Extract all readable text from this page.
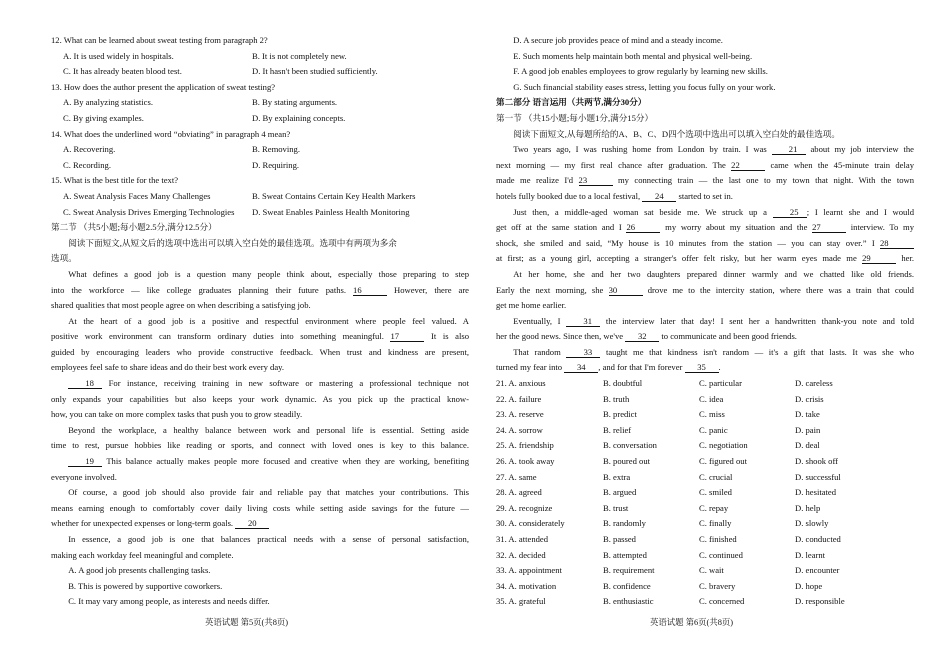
12. What can be learned about sweat testing from paragraph 2?
A. It is used widely in hospitals.	B. It is not completely new.
C. It has already beaten blood test.	D. It hasn't been studied sufficiently.
13. How does the author present the application of sweat testing?
A. By analyzing statistics.	B. By stating arguments.
C. By giving examples.	D. By explaining concepts.
14. What does the underlined word “obviating” in paragraph 4 mean?
A. Recovering.	B. Removing.
C. Recording.	D. Requiring.
15. What is the best title for the text?
A. Sweat Analysis Faces Many Challenges	B. Sweat Contains Certain Key Health Markers
C. Sweat Analysis Drives Emerging Technologies D. Sweat Enables Painless Health Monitoring
第二节 （共5小题;每小题2.5分,满分12.5分）
阅读下面短文,从短文后的选项中选出可以填入空白处的最佳选项。选项中有两项为多余
选项。
What defines a good job is a question many people think about, especially those preparing to step
into the workforce — like college graduates planning their future paths. 16	However, there are
shared qualities that most people agree on when describing a satisfying job.
At the heart of a good job is a positive and respectful environment where people feel valued. A
positive work environment can transform ordinary duties into something meaningful. 17	It is also
guided by encouraging leaders who provide constructive feedback. When trust and kindness are present,
employees feel safe to share ideas and do their best work every day.
18 For instance, receiving training in new software or mastering a professional technique not
only expands your capabilities but also keeps your work dynamic. As you pick up the practical know-
how, you can take on more complex tasks that push you to grow steadily.
Beyond the workplace, a healthy balance between work and personal life is essential. Setting aside
time to rest, pursue hobbies like reading or sports, and connect with loved ones is key to this balance.
19 This balance actually makes people more focused and creative when they are working, benefiting
everyone involved.
Of course, a good job should also provide fair and reliable pay that matches your contributions. This
means earning enough to comfortably cover daily living costs while setting aside savings for the future —
whether for unexpected expenses or long-term goals. 20
In essence, a good job is one that balances practical needs with a sense of personal satisfaction,
making each workday feel meaningful and complete.
A. A good job presents challenging tasks.
B. This is powered by supportive coworkers.
C. It may vary among people, as interests and needs differ.
英语试题 第5页(共8页)
D. A secure job provides peace of mind and a steady income.
E. Such moments help maintain both mental and physical well-being.
F. A good job enables employees to grow regularly by learning new skills.
G. Such financial stability eases stress, letting you focus fully on your work.
第二部分 语言运用（共两节,满分30分）
第一节 （共15小题;每小题1分,满分15分）
阅读下面短文,从每题所给的A、B、C、D四个选项中选出可以填入空白处的最佳选项。
Two years ago, I was rushing home from London by train. I was	21 about my job interview the
next morning — my first real chance after graduation. The 22	came when the 45-minute train delay
made me realize I'd 23	my connecting train — the last one to my town that night. With the town
hotels fully booked due to a local festival, 24 started to set in.
Just then, a middle-aged woman sat beside me. We struck up a	25 ; I learnt she and I would
get off at the same station and I 26	my worry about my situation and the 27	interview. To my
shock, she smiled and said, “My house is 10 minutes from the station — you can stay over.” I 28
at first; as a young girl, accepting a stranger's offer felt risky, but her warm eyes made me 29	her.
At her home, she and her two daughters prepared dinner warmly and we chatted like old friends.
Early the next morning, she 30	drove me to the intercity station, where there was a train that could
get me home earlier.
Eventually, I	31 the interview later that day! I sent her a handwritten thank-you note and told
her the good news. Since then, we've 32 to communicate and been good friends.
That random	33 taught me that kindness isn't random — it's a gift that lasts. It was she who
turned my fear into 34 , and for that I'm forever 35 .
21. A. anxious	B. doubtful	C. particular	D. careless
22. A. failure	B. truth	C. idea	D. crisis
23. A. reserve	B. predict	C. miss	D. take
24. A. sorrow	B. relief	C. panic	D. pain
25. A. friendship	B. conversation	C. negotiation	D. deal
26. A. took away	B. poured out	C. figured out	D. shook off
27. A. same	B. extra	C. crucial	D. successful
28. A. agreed	B. argued	C. smiled	D. hesitated
29. A. recognize	B. trust	C. repay	D. help
30. A. considerately	B. randomly	C. finally	D. slowly
31. A. attended	B. passed	C. finished	D. conducted
32. A. decided	B. attempted	C. continued	D. learnt
33. A. appointment	B. requirement	C. wait	D. encounter
34. A. motivation	B. confidence	C. bravery	D. hope
35. A. grateful	B. enthusiastic	C. concerned	D. responsible
英语试题 第6页(共8页)
